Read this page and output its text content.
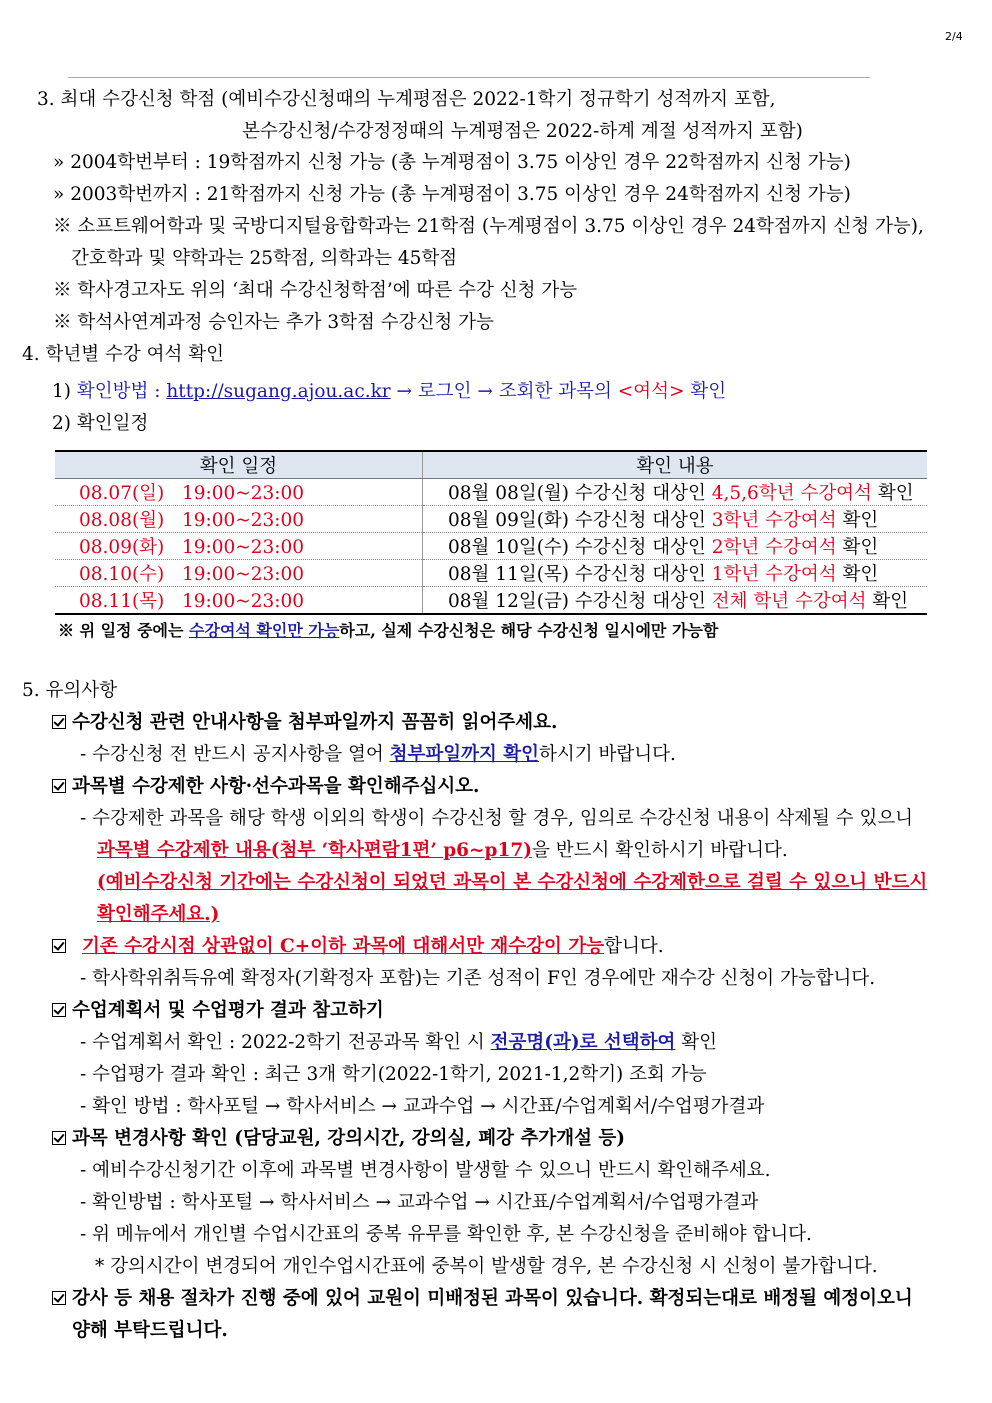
2/4
3. 최대 수강신청 학점 (예비수강신청때의 누계평점은 2022-1학기 정규학기 성적까지 포함,
본수강신청/수강정정때의 누계평점은 2022-하계 계절 성적까지 포함)
» 2004학번부터 : 19학점까지 신청 가능 (총 누계평점이 3.75 이상인 경우 22학점까지 신청 가능)
» 2003학번까지 : 21학점까지 신청 가능 (총 누계평점이 3.75 이상인 경우 24학점까지 신청 가능)
※ 소프트웨어학과 및 국방디지털융합학과는 21학점 (누계평점이 3.75 이상인 경우 24학점까지 신청 가능),
간호학과 및 약학과는 25학점, 의학과는 45학점
※ 학사경고자도 위의 ‘최대 수강신청학점’에 따른 수강 신청 가능
※ 학석사연계과정 승인자는 추가 3학점 수강신청 가능
4. 학년별 수강 여석 확인
1) 확인방법 : http://sugang.ajou.ac.kr → 로그인 → 조회한 과목의 <여석> 확인
2) 확인일정
확인 일정	확인 내용
08.07(일) 19:00~23:00	08월 08일(월) 수강신청 대상인 4,5,6학년 수강여석 확인
08.08(월) 19:00~23:00	08월 09일(화) 수강신청 대상인 3학년 수강여석 확인
08.09(화) 19:00~23:00	08월 10일(수) 수강신청 대상인 2학년 수강여석 확인
08.10(수) 19:00~23:00	08월 11일(목) 수강신청 대상인 1학년 수강여석 확인
08.11(목) 19:00~23:00	08월 12일(금) 수강신청 대상인 전체 학년 수강여석 확인
※ 위 일정 중에는 수강여석 확인만 가능하고, 실제 수강신청은 해당 수강신청 일시에만 가능함
5. 유의사항
수강신청 관련 안내사항을 첨부파일까지 꼼꼼히 읽어주세요.
- 수강신청 전 반드시 공지사항을 열어 첨부파일까지 확인하시기 바랍니다.
과목별 수강제한 사항·선수과목을 확인해주십시오.
- 수강제한 과목을 해당 학생 이외의 학생이 수강신청 할 경우, 임의로 수강신청 내용이 삭제될 수 있으니
과목별 수강제한 내용(첨부 ‘학사편람1편’ p6~p17)을 반드시 확인하시기 바랍니다.
(예비수강신청 기간에는 수강신청이 되었던 과목이 본 수강신청에 수강제한으로 걸릴 수 있으니 반드시
확인해주세요.)
기존 수강시점 상관없이 C+이하 과목에 대해서만 재수강이 가능합니다.
- 학사학위취득유예 확정자(기확정자 포함)는 기존 성적이 F인 경우에만 재수강 신청이 가능합니다.
수업계획서 및 수업평가 결과 참고하기
- 수업계획서 확인 : 2022-2학기 전공과목 확인 시 전공명(과)로 선택하여 확인
- 수업평가 결과 확인 : 최근 3개 학기(2022-1학기, 2021-1,2학기) 조회 가능
- 확인 방법 : 학사포털 → 학사서비스 → 교과수업 → 시간표/수업계획서/수업평가결과
과목 변경사항 확인 (담당교원, 강의시간, 강의실, 폐강 추가개설 등)
- 예비수강신청기간 이후에 과목별 변경사항이 발생할 수 있으니 반드시 확인해주세요.
- 확인방법 : 학사포털 → 학사서비스 → 교과수업 → 시간표/수업계획서/수업평가결과
- 위 메뉴에서 개인별 수업시간표의 중복 유무를 확인한 후, 본 수강신청을 준비해야 합니다.
* 강의시간이 변경되어 개인수업시간표에 중복이 발생할 경우, 본 수강신청 시 신청이 불가합니다.
강사 등 채용 절차가 진행 중에 있어 교원이 미배정된 과목이 있습니다. 확정되는대로 배정될 예정이오니
양해 부탁드립니다.
